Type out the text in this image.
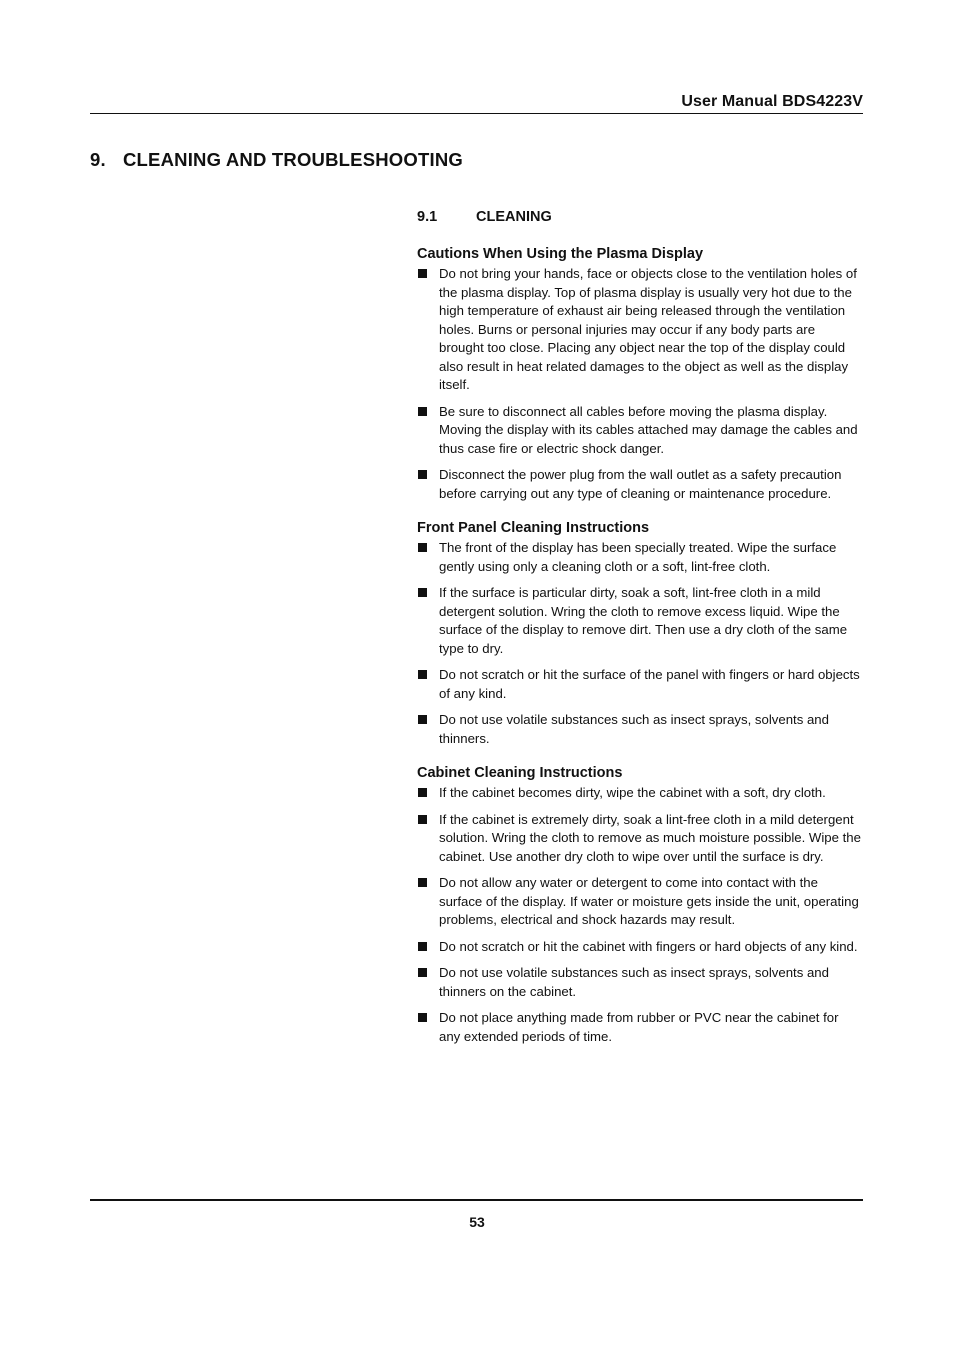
User Manual BDS4223V
9. CLEANING AND TROUBLESHOOTING
9.1	CLEANING
Cautions When Using the Plasma Display
Do not bring your hands, face or objects close to the ventilation holes of the plasma display. Top of plasma display is usually very hot due to the high temperature of exhaust air being released through the ventilation holes. Burns or personal injuries may occur if any body parts are brought too close. Placing any object near the top of the display could also result in heat related damages to the object as well as the display itself.
Be sure to disconnect all cables before moving the plasma display. Moving the display with its cables attached may damage the cables and thus case fire or electric shock danger.
Disconnect the power plug from the wall outlet as a safety precaution before carrying out any type of cleaning or maintenance procedure.
Front Panel Cleaning Instructions
The front of the display has been specially treated. Wipe the surface gently using only a cleaning cloth or a soft, lint-free cloth.
If the surface is particular dirty, soak a soft, lint-free cloth in a mild detergent solution. Wring the cloth to remove excess liquid. Wipe the surface of the display to remove dirt. Then use a dry cloth of the same type to dry.
Do not scratch or hit the surface of the panel with fingers or hard objects of any kind.
Do not use volatile substances such as insect sprays, solvents and thinners.
Cabinet Cleaning Instructions
If the cabinet becomes dirty, wipe the cabinet with a soft, dry cloth.
If the cabinet is extremely dirty, soak a lint-free cloth in a mild detergent solution. Wring the cloth to remove as much moisture possible. Wipe the cabinet. Use another dry cloth to wipe over until the surface is dry.
Do not allow any water or detergent to come into contact with the surface of the display. If water or moisture gets inside the unit, operating problems, electrical and shock hazards may result.
Do not scratch or hit the cabinet with fingers or hard objects of any kind.
Do not use volatile substances such as insect sprays, solvents and thinners on the cabinet.
Do not place anything made from rubber or PVC near the cabinet for any extended periods of time.
53
